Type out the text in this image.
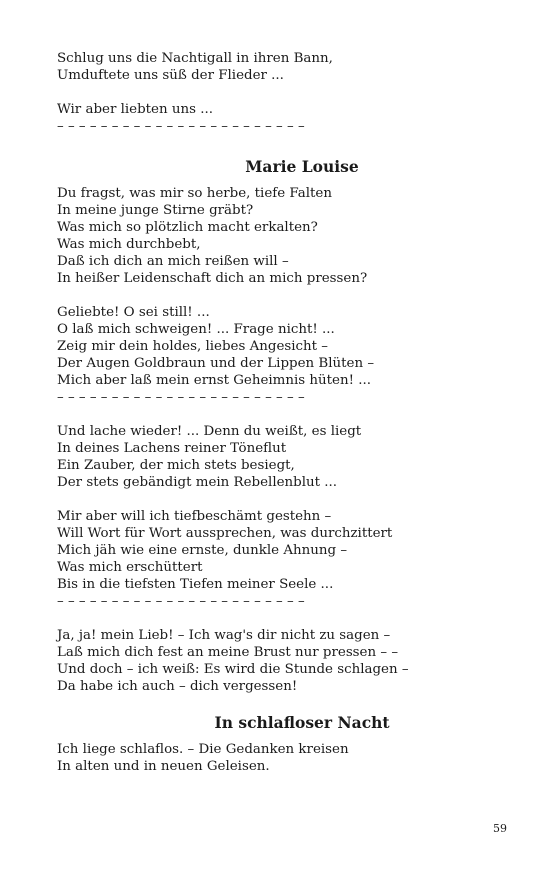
Schlug uns die Nachtigall in ihren Bann,
Umduftete uns süß der Flieder ...
Wir aber liebten uns ...
– – – – – – – – – – – – – – – – – – – – – – –
Marie Louise
Du fragst, was mir so herbe, tiefe Falten
In meine junge Stirne gräbt?
Was mich so plötzlich macht erkalten?
Was mich durchbebt,
Daß ich dich an mich reißen will –
In heißer Leidenschaft dich an mich pressen?
Geliebte! O sei still! ...
O laß mich schweigen! ... Frage nicht! ...
Zeig mir dein holdes, liebes Angesicht –
Der Augen Goldbraun und der Lippen Blüten –
Mich aber laß mein ernst Geheimnis hüten! ...
– – – – – – – – – – – – – – – – – – – – – – –
Und lache wieder! ... Denn du weißt, es liegt
In deines Lachens reiner Töneflut
Ein Zauber, der mich stets besiegt,
Der stets gebändigt mein Rebellenblut ...
Mir aber will ich tiefbeschämt gestehn –
Will Wort für Wort aussprechen, was durchzittert
Mich jäh wie eine ernste, dunkle Ahnung –
Was mich erschüttert
Bis in die tiefsten Tiefen meiner Seele ...
– – – – – – – – – – – – – – – – – – – – – – –
Ja, ja! mein Lieb! – Ich wag's dir nicht zu sagen –
Laß mich dich fest an meine Brust nur pressen – –
Und doch – ich weiß: Es wird die Stunde schlagen –
Da habe ich auch – dich vergessen!
In schlafloser Nacht
Ich liege schlaflos. – Die Gedanken kreisen
In alten und in neuen Geleisen.
59
